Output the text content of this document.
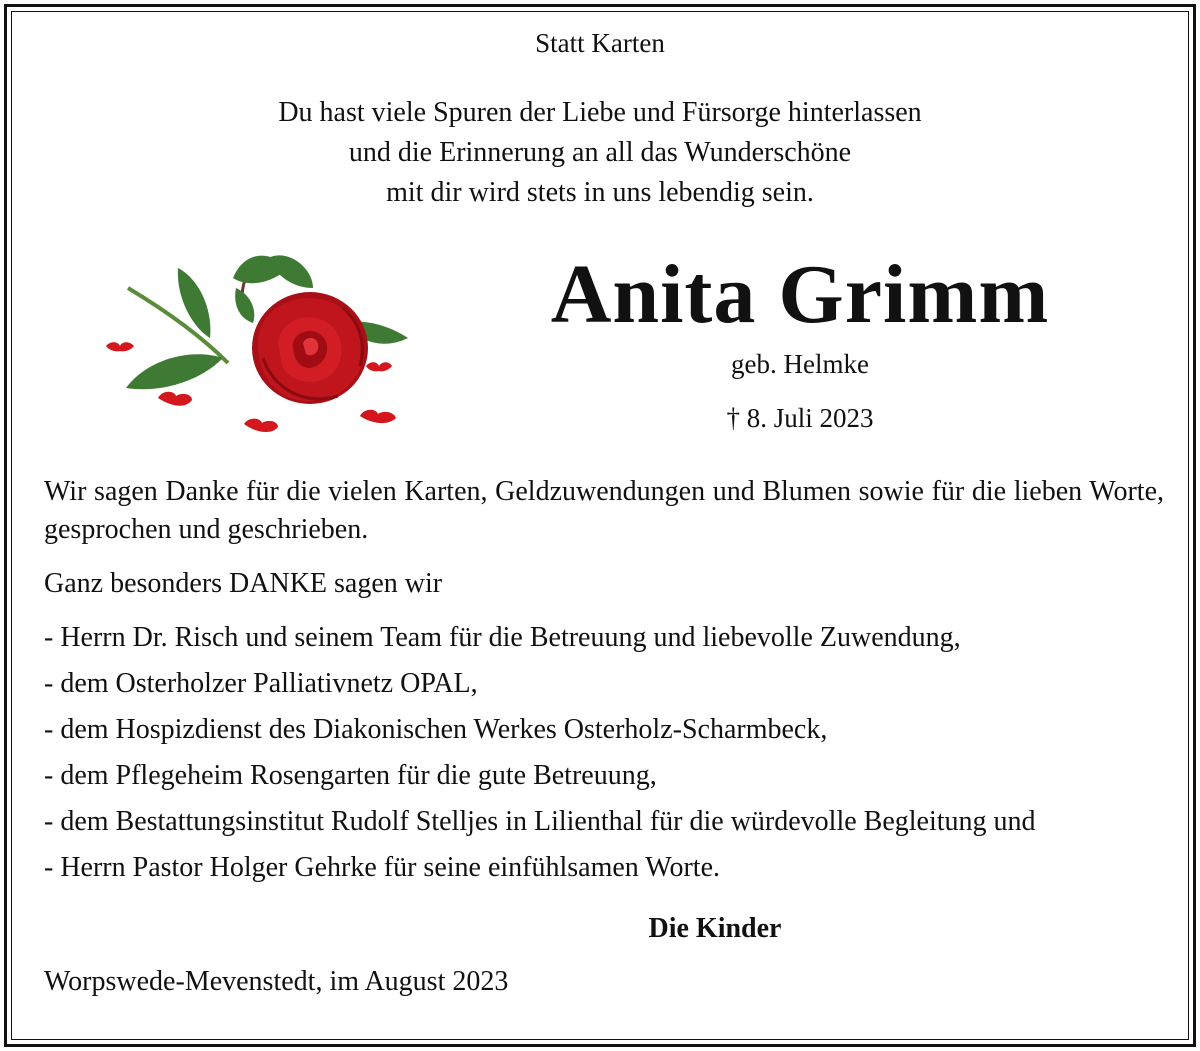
Statt Karten
Du hast viele Spuren der Liebe und Fürsorge hinterlassen
und die Erinnerung an all das Wunderschöne
mit dir wird stets in uns lebendig sein.
Anita Grimm
geb. Helmke
† 8. Juli 2023
Wir sagen Danke für die vielen Karten, Geldzuwendungen und Blumen sowie für die lieben Worte, gesprochen und geschrieben.
Ganz besonders DANKE sagen wir
- Herrn Dr. Risch und seinem Team für die Betreuung und liebevolle Zuwendung,
- dem Osterholzer Palliativnetz OPAL,
- dem Hospizdienst des Diakonischen Werkes Osterholz-Scharmbeck,
- dem Pflegeheim Rosengarten für die gute Betreuung,
- dem Bestattungsinstitut Rudolf Stelljes in Lilienthal für die würdevolle Begleitung und
- Herrn Pastor Holger Gehrke für seine einfühlsamen Worte.
Die Kinder
Worpswede-Mevenstedt, im August 2023
